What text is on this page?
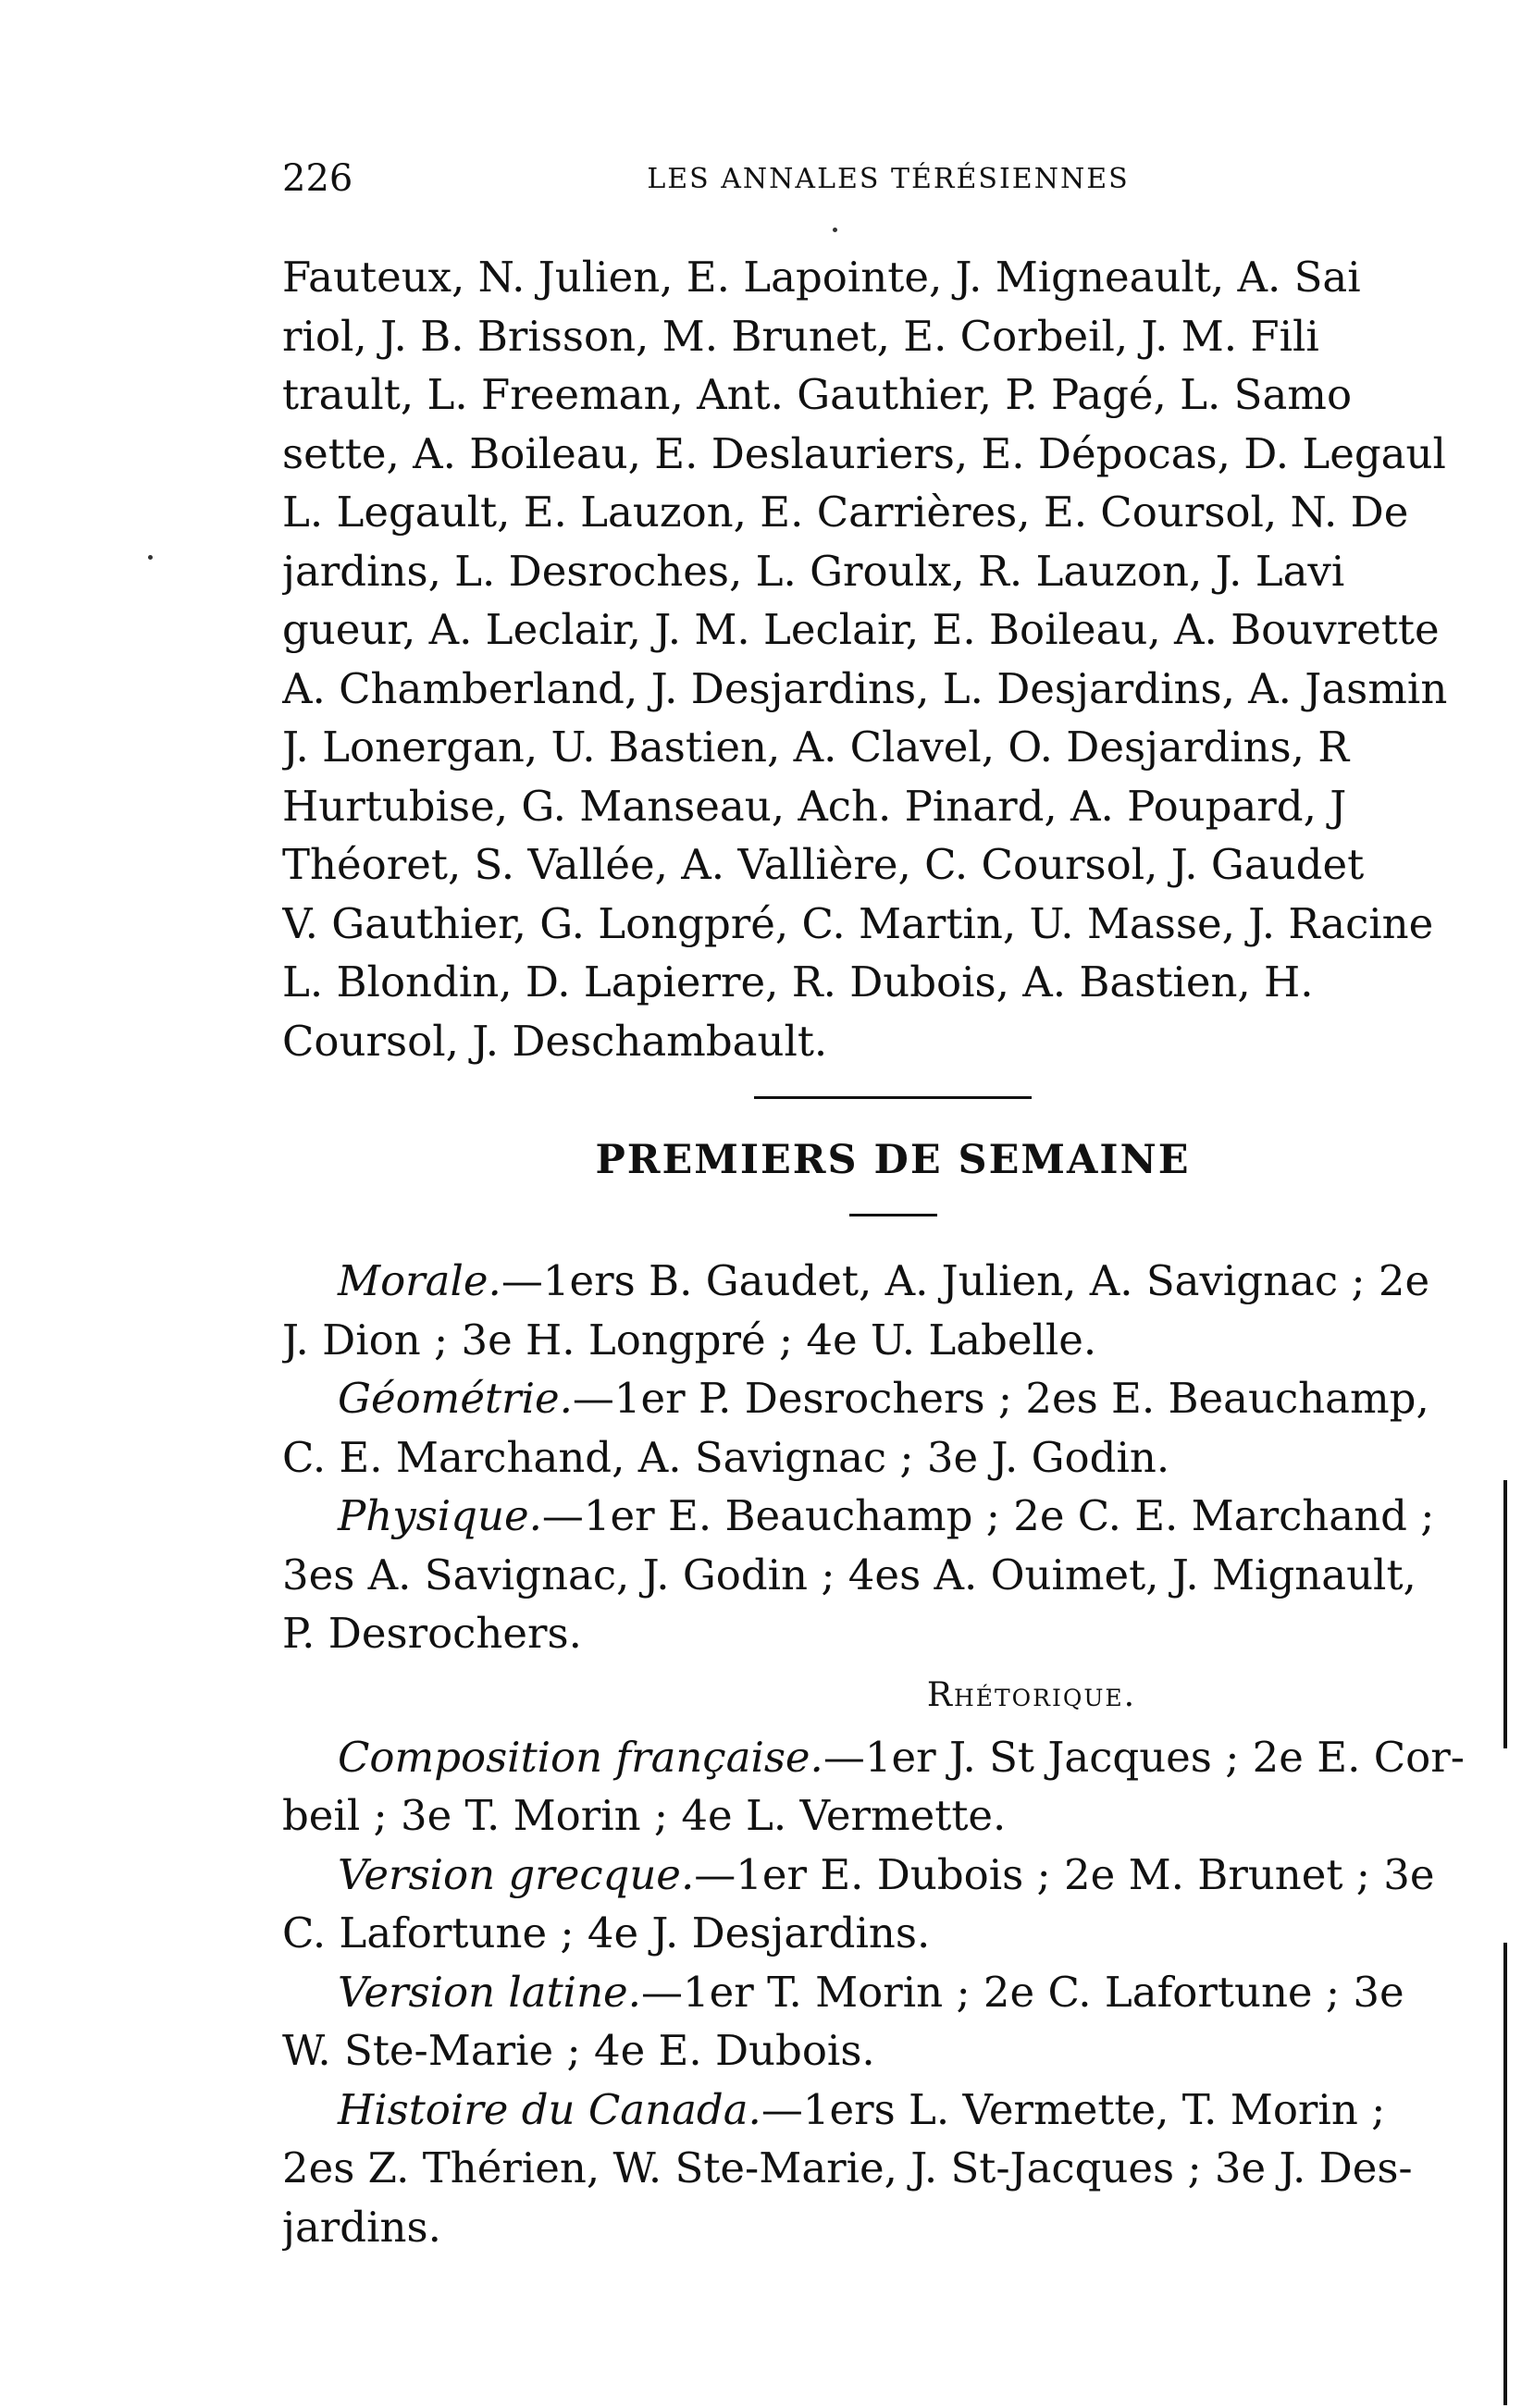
226	LES ANNALES TÉRÉSIENNES
Fauteux, N. Julien, E. Lapointe, J. Migneault, A. Sai
riol, J. B. Brisson, M. Brunet, E. Corbeil, J. M. Fili
trault, L. Freeman, Ant. Gauthier, P. Pagé, L. Samo
sette, A. Boileau, E. Deslauriers, E. Dépocas, D. Legaul
L. Legault, E. Lauzon, E. Carrières, E. Coursol, N. De
jardins, L. Desroches, L. Groulx, R. Lauzon, J. Lavi
gueur, A. Leclair, J. M. Leclair, E. Boileau, A. Bouvrette
A. Chamberland, J. Desjardins, L. Desjardins, A. Jasmin
J. Lonergan, U. Bastien, A. Clavel, O. Desjardins, R
Hurtubise, G. Manseau, Ach. Pinard, A. Poupard, J
Théoret, S. Vallée, A. Vallière, C. Coursol, J. Gaudet
V. Gauthier, G. Longpré, C. Martin, U. Masse, J. Racine
L. Blondin, D. Lapierre, R. Dubois, A. Bastien, H.
Coursol, J. Deschambault.
PREMIERS DE SEMAINE
Morale.—1ers B. Gaudet, A. Julien, A. Savignac ; 2e
J. Dion ; 3e H. Longpré ; 4e U. Labelle.
Géométrie.—1er P. Desrochers ; 2es E. Beauchamp,
C. E. Marchand, A. Savignac ; 3e J. Godin.
Physique.—1er E. Beauchamp ; 2e C. E. Marchand ;
3es A. Savignac, J. Godin ; 4es A. Ouimet, J. Mignault,
P. Desrochers.
Rhétorique.
Composition française.—1er J. St Jacques ; 2e E. Cor-
beil ; 3e T. Morin ; 4e L. Vermette.
Version grecque.—1er E. Dubois ; 2e M. Brunet ; 3e
C. Lafortune ; 4e J. Desjardins.
Version latine.—1er T. Morin ; 2e C. Lafortune ; 3e
W. Ste-Marie ; 4e E. Dubois.
Histoire du Canada.—1ers L. Vermette, T. Morin ;
2es Z. Thérien, W. Ste-Marie, J. St-Jacques ; 3e J. Des-
jardins.
